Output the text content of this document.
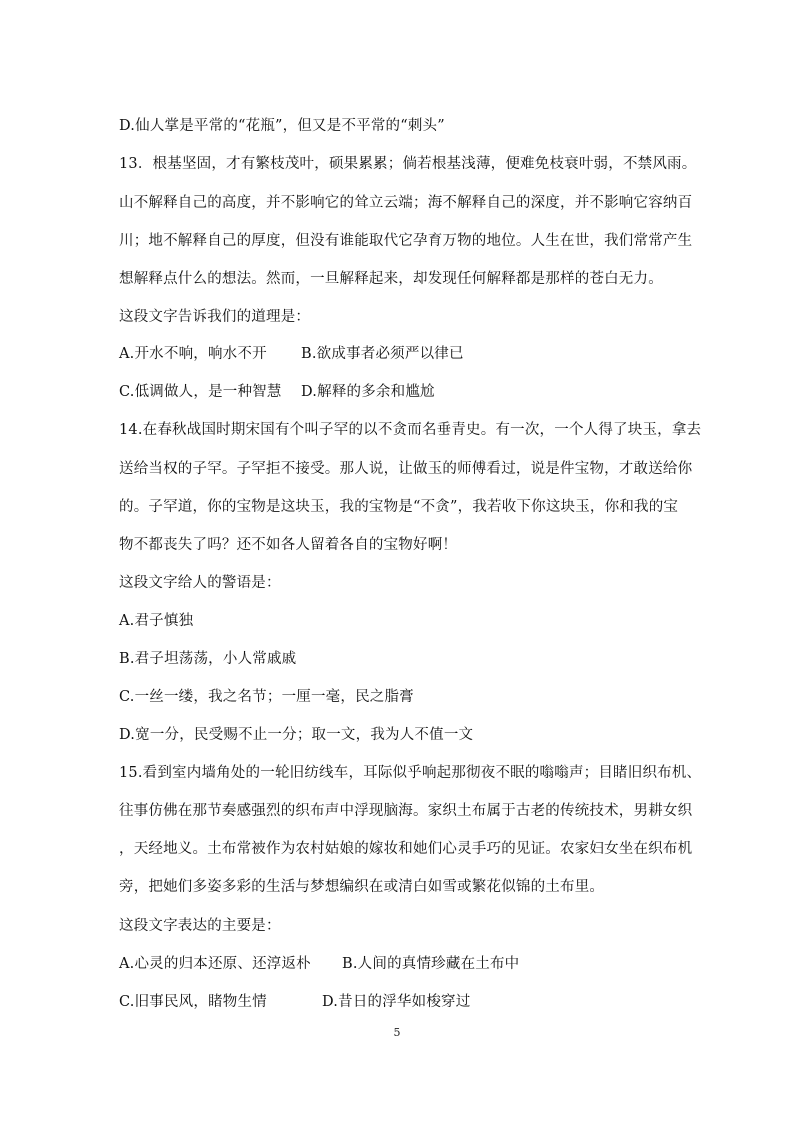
D.仙人掌是平常的“花瓶”，但又是不平常的“刺头”
13．根基坚固，才有繁枝茂叶，硕果累累；倘若根基浅薄，便难免枝衰叶弱，不禁风雨。
山不解释自己的高度，并不影响它的耸立云端；海不解释自己的深度，并不影响它容纳百
川；地不解释自己的厚度，但没有谁能取代它孕育万物的地位。人生在世，我们常常产生
想解释点什么的想法。然而，一旦解释起来，却发现任何解释都是那样的苍白无力。
这段文字告诉我们的道理是：
A.开水不响，响水不开 B.欲成事者必须严以律已
C.低调做人，是一种智慧 D.解释的多余和尴尬
14.在春秋战国时期宋国有个叫子罕的以不贪而名垂青史。有一次，一个人得了块玉，拿去
送给当权的子罕。子罕拒不接受。那人说，让做玉的师傅看过，说是件宝物，才敢送给你
的。子罕道，你的宝物是这块玉，我的宝物是“不贪”，我若收下你这块玉，你和我的宝
物不都丧失了吗？还不如各人留着各自的宝物好啊！
这段文字给人的警语是：
A.君子慎独
B.君子坦荡荡，小人常戚戚
C.一丝一缕，我之名节；一厘一毫，民之脂膏
D.宽一分，民受赐不止一分；取一文，我为人不值一文
15.看到室内墙角处的一轮旧纺线车，耳际似乎响起那彻夜不眠的嗡嗡声；目睹旧织布机、
往事仿佛在那节奏感强烈的织布声中浮现脑海。家织土布属于古老的传统技术，男耕女织
，天经地义。土布常被作为农村姑娘的嫁妆和她们心灵手巧的见证。农家妇女坐在织布机
旁，把她们多姿多彩的生活与梦想编织在或清白如雪或繁花似锦的土布里。
这段文字表达的主要是：
A.心灵的归本还原、还淳返朴 B.人间的真情珍藏在土布中
C.旧事民风，睹物生情	D.昔日的浮华如梭穿过
5
